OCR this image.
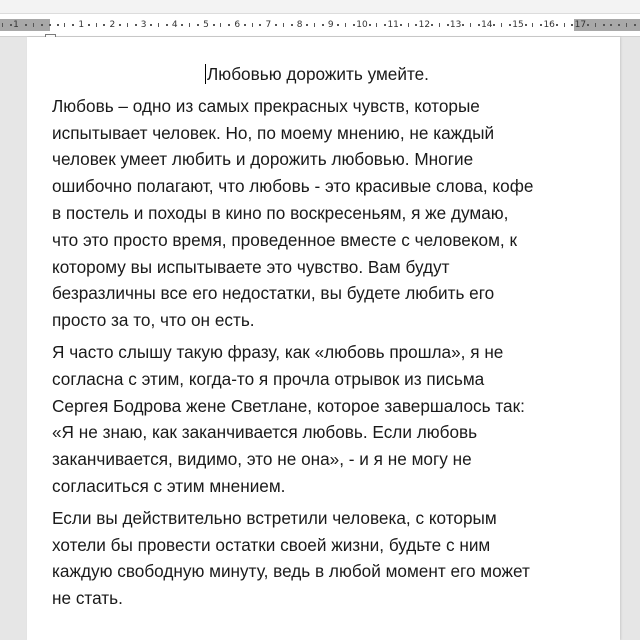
1	1	2	3	4	5	6	7	8	9	10 11 12 13 14 15 16 17
Любовью дорожить умейте.

Любовь – одно из самых прекрасных чувств, которые
испытывает человек. Но, по моему мнению, не каждый
человек умеет любить и дорожить любовью. Многие
ошибочно полагают, что любовь - это красивые слова, кофе
в постель и походы в кино по воскресеньям, я же думаю,
что это просто время, проведенное вместе с человеком, к
которому вы испытываете это чувство. Вам будут
безразличны все его недостатки, вы будете любить его
просто за то, что он есть.

Я часто слышу такую фразу, как «любовь прошла», я не
согласна с этим, когда-то я прочла отрывок из письма
Сергея Бодрова жене Светлане, которое завершалось так:
«Я не знаю, как заканчивается любовь. Если любовь
заканчивается, видимо, это не она», - и я не могу не
согласиться с этим мнением.

Если вы действительно встретили человека, с которым
хотели бы провести остатки своей жизни, будьте с ним
каждую свободную минуту, ведь в любой момент его может
не стать.
